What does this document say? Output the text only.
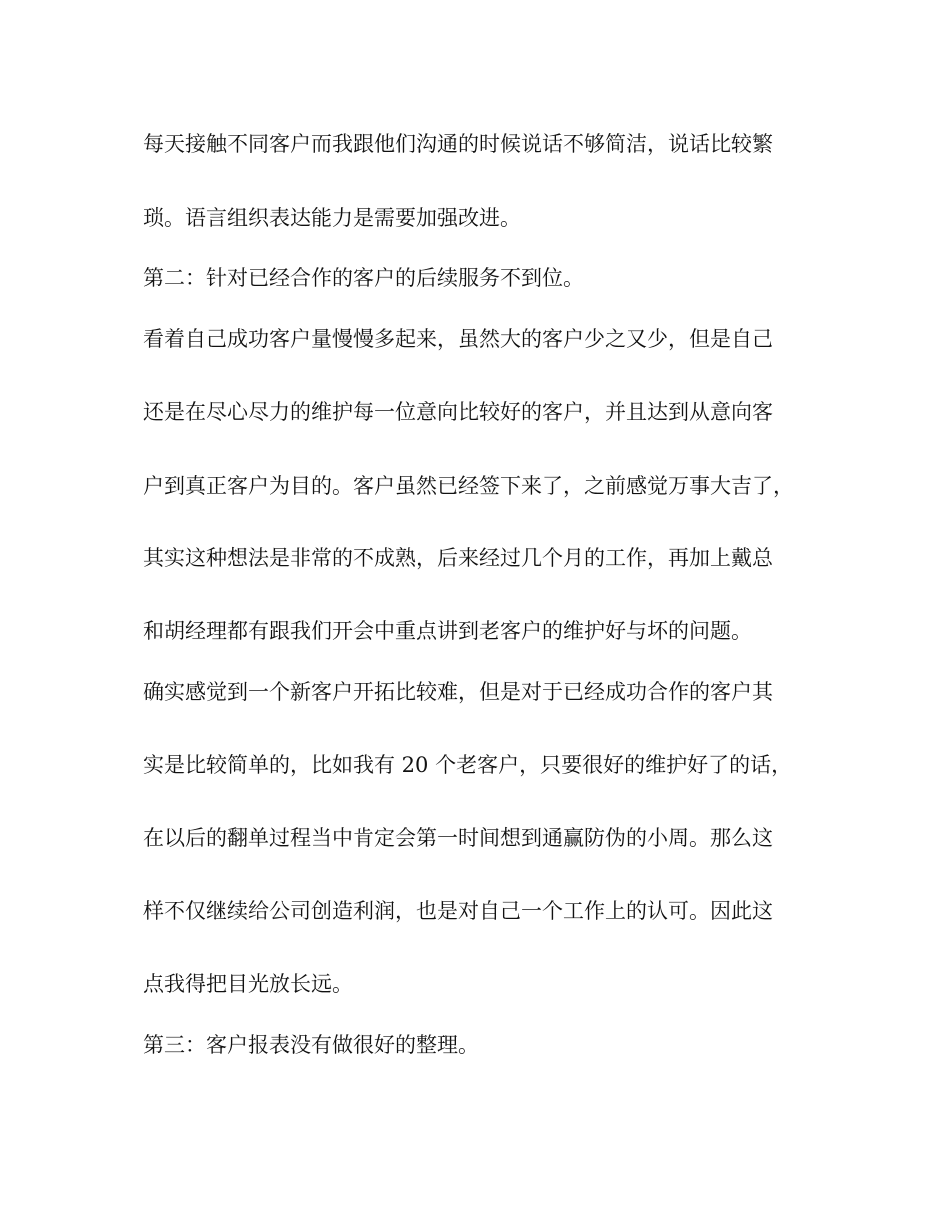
每天接触不同客户而我跟他们沟通的时候说话不够简洁，说话比较繁
琐。语言组织表达能力是需要加强改进。
第二：针对已经合作的客户的后续服务不到位。
看着自己成功客户量慢慢多起来，虽然大的客户少之又少，但是自己
还是在尽心尽力的维护每一位意向比较好的客户，并且达到从意向客
户到真正客户为目的。客户虽然已经签下来了，之前感觉万事大吉了，
其实这种想法是非常的不成熟，后来经过几个月的工作，再加上戴总
和胡经理都有跟我们开会中重点讲到老客户的维护好与坏的问题。
确实感觉到一个新客户开拓比较难，但是对于已经成功合作的客户其
实是比较简单的，比如我有 20 个老客户，只要很好的维护好了的话，
在以后的翻单过程当中肯定会第一时间想到通赢防伪的小周。那么这
样不仅继续给公司创造利润，也是对自己一个工作上的认可。因此这
点我得把目光放长远。
第三：客户报表没有做很好的整理。
